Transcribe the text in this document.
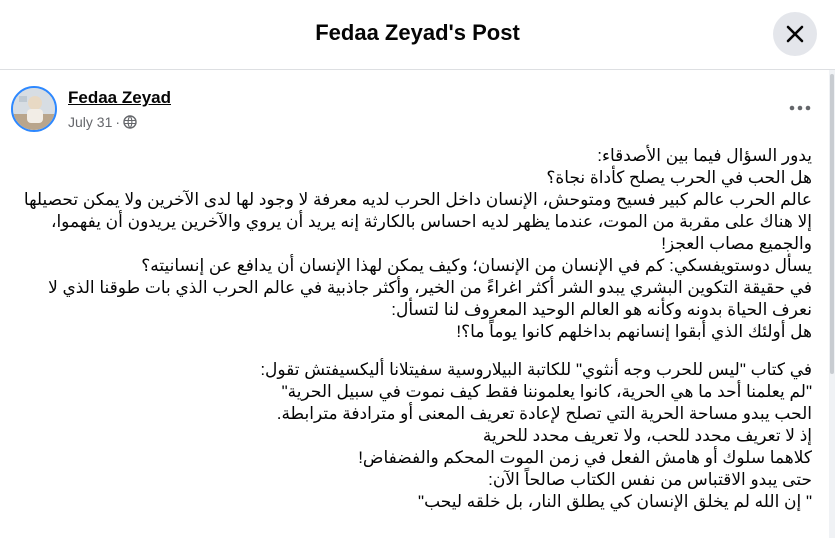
Fedaa Zeyad's Post
Fedaa Zeyad
July 31 ·
يدور السؤال فيما بين الأصدقاء:
هل الحب في الحرب يصلح كأداة نجاة؟
عالم الحرب عالم كبير فسيح ومتوحش، الإنسان داخل الحرب لديه معرفة لا وجود لها لدى الآخرين ولا يمكن تحصيلها
إلا هناك على مقربة من الموت، عندما يظهر لديه احساس بالكارثة إنه يريد أن يروي والآخرين يريدون أن يفهموا،
والجميع مصاب العجز!
يسأل دوستويفسكي: كم في الإنسان من الإنسان؛ وكيف يمكن لهذا الإنسان أن يدافع عن إنسانيته؟
في حقيقة التكوين البشري يبدو الشر أكثر اغراءً من الخير، وأكثر جاذبية في عالم الحرب الذي بات طوقنا الذي لا
نعرف الحياة بدونه وكأنه هو العالم الوحيد المعروف لنا لتسأل:
هل أولئك الذي أبقوا إنسانهم بداخلهم كانوا يوماً ما؟!
في كتاب "ليس للحرب وجه أنثوي" للكاتبة البيلاروسية سفيتلانا أليكسيفتش تقول:
"لم يعلمنا أحد ما هي الحرية، كانوا يعلموننا فقط كيف نموت في سبيل الحرية"
الحب يبدو مساحة الحرية التي تصلح لإعادة تعريف المعنى أو مترادفة مترابطة.
إذ لا تعريف محدد للحب، ولا تعريف محدد للحرية
كلاهما سلوك أو هامش الفعل في زمن الموت المحكم والفضفاض!
حتى يبدو الاقتباس من نفس الكتاب صالحاً الآن:
" إن الله لم يخلق الإنسان كي يطلق النار، بل خلقه ليحب"
